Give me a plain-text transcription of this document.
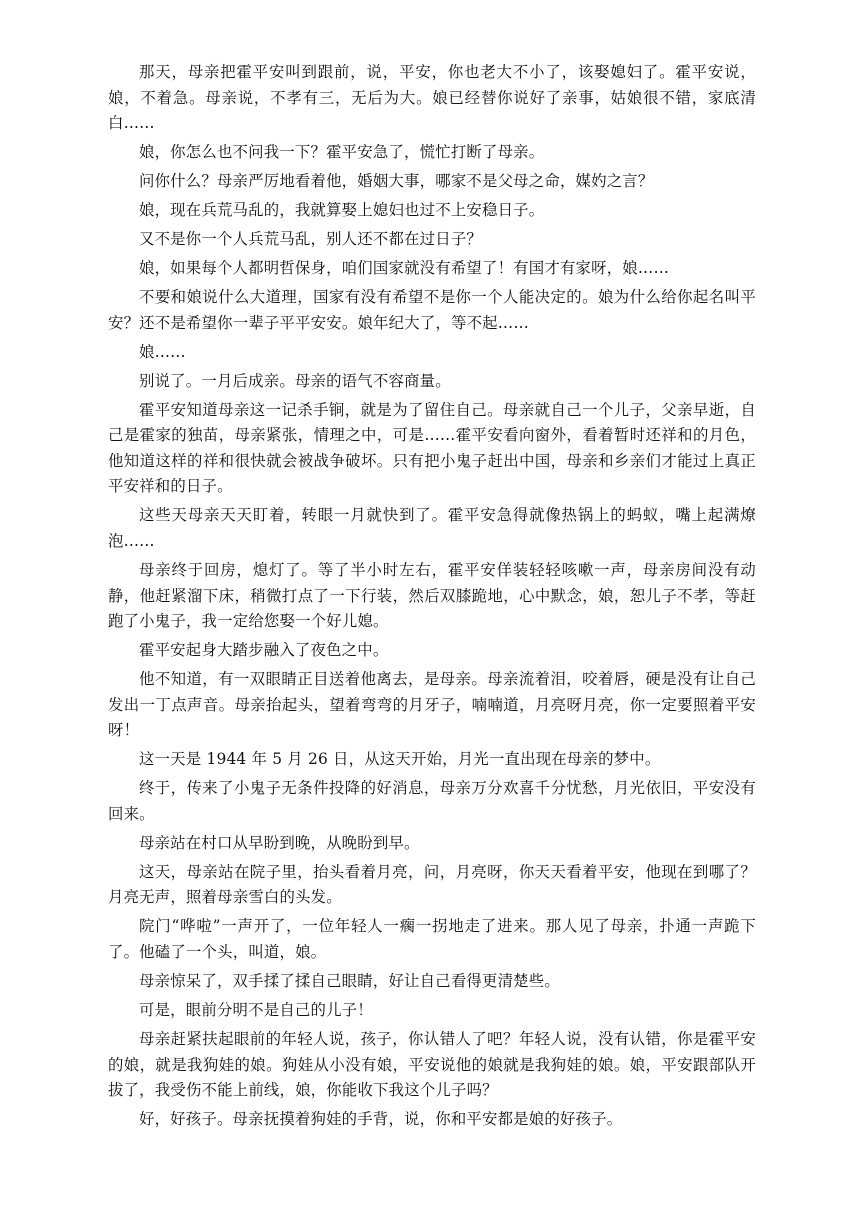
那天，母亲把霍平安叫到跟前，说，平安，你也老大不小了，该娶媳妇了。霍平安说，娘，不着急。母亲说，不孝有三，无后为大。娘已经替你说好了亲事，姑娘很不错，家底清白……

娘，你怎么也不问我一下？霍平安急了，慌忙打断了母亲。

问你什么？母亲严厉地看着他，婚姻大事，哪家不是父母之命，媒妁之言？

娘，现在兵荒马乱的，我就算娶上媳妇也过不上安稳日子。

又不是你一个人兵荒马乱，别人还不都在过日子？

娘，如果每个人都明哲保身，咱们国家就没有希望了！有国才有家呀，娘……

不要和娘说什么大道理，国家有没有希望不是你一个人能决定的。娘为什么给你起名叫平安？还不是希望你一辈子平平安安。娘年纪大了，等不起……

娘……

别说了。一月后成亲。母亲的语气不容商量。

霍平安知道母亲这一记杀手锏，就是为了留住自己。母亲就自己一个儿子，父亲早逝，自己是霍家的独苗，母亲紧张，情理之中，可是……霍平安看向窗外，看着暂时还祥和的月色，他知道这样的祥和很快就会被战争破坏。只有把小鬼子赶出中国，母亲和乡亲们才能过上真正平安祥和的日子。

这些天母亲天天盯着，转眼一月就快到了。霍平安急得就像热锅上的蚂蚁，嘴上起满燎泡……

母亲终于回房，熄灯了。等了半小时左右，霍平安佯装轻轻咳嗽一声，母亲房间没有动静，他赶紧溜下床，稍微打点了一下行装，然后双膝跪地，心中默念，娘，恕儿子不孝，等赶跑了小鬼子，我一定给您娶一个好儿媳。

霍平安起身大踏步融入了夜色之中。

他不知道，有一双眼睛正目送着他离去，是母亲。母亲流着泪，咬着唇，硬是没有让自己发出一丁点声音。母亲抬起头，望着弯弯的月牙子，喃喃道，月亮呀月亮，你一定要照着平安呀！

这一天是 1944 年 5 月 26 日，从这天开始，月光一直出现在母亲的梦中。

终于，传来了小鬼子无条件投降的好消息，母亲万分欢喜千分忧愁，月光依旧，平安没有回来。

母亲站在村口从早盼到晚，从晚盼到早。

这天，母亲站在院子里，抬头看着月亮，问，月亮呀，你天天看着平安，他现在到哪了？月亮无声，照着母亲雪白的头发。

院门“哗啦”一声开了，一位年轻人一瘸一拐地走了进来。那人见了母亲，扑通一声跪下了。他磕了一个头，叫道，娘。

母亲惊呆了，双手揉了揉自己眼睛，好让自己看得更清楚些。

可是，眼前分明不是自己的儿子！

母亲赶紧扶起眼前的年轻人说，孩子，你认错人了吧？年轻人说，没有认错，你是霍平安的娘，就是我狗娃的娘。狗娃从小没有娘，平安说他的娘就是我狗娃的娘。娘，平安跟部队开拔了，我受伤不能上前线，娘，你能收下我这个儿子吗？

好，好孩子。母亲抚摸着狗娃的手背，说，你和平安都是娘的好孩子。
